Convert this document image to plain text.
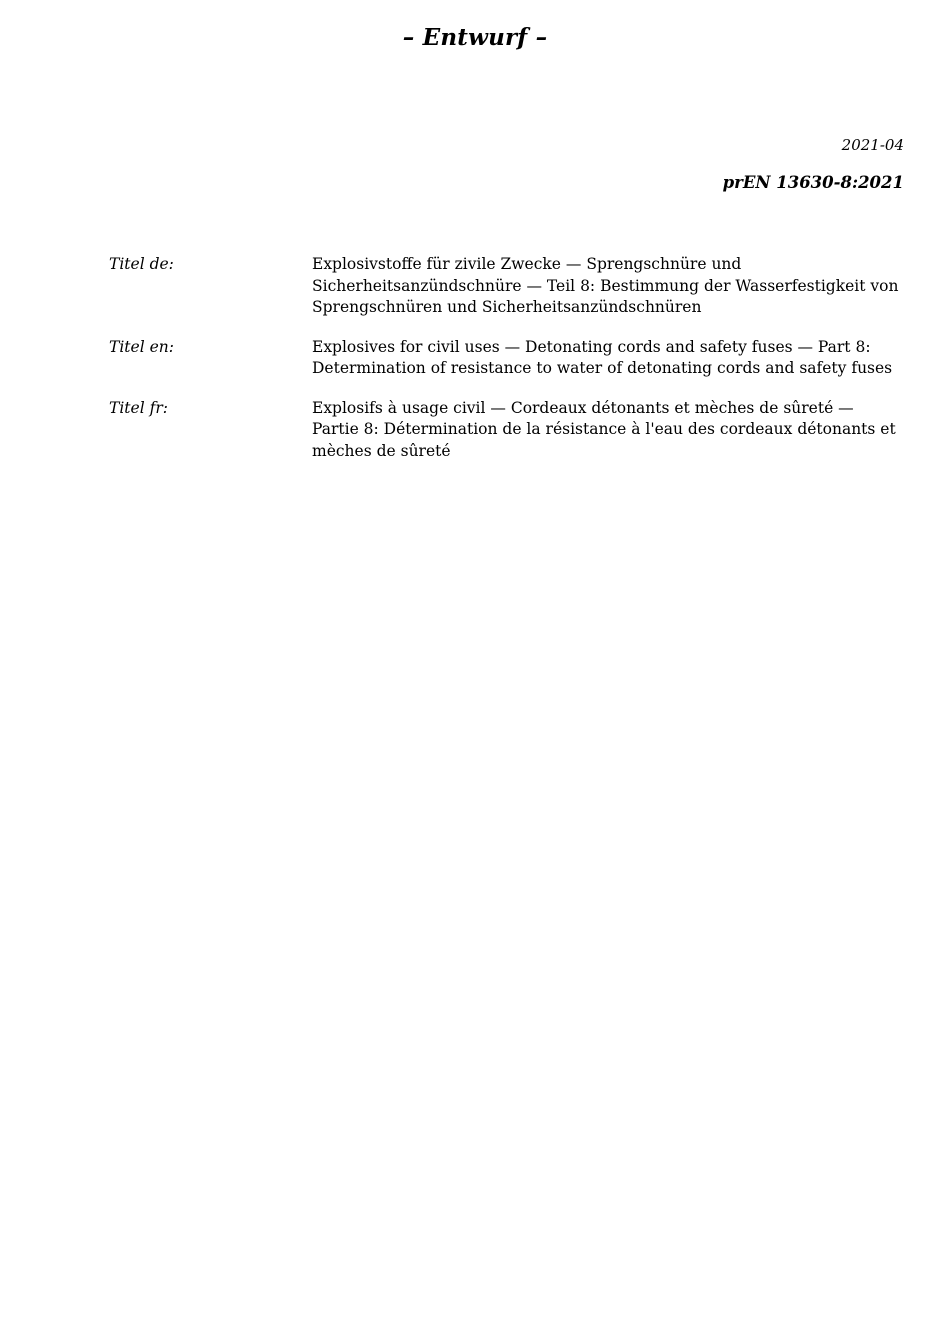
– Entwurf –
2021-04
prEN 13630-8:2021
Titel de:	Explosivstoffe für zivile Zwecke — Sprengschnüre und Sicherheitsanzündschnüre — Teil 8: Bestimmung der Wasserfestigkeit von Sprengschnüren und Sicherheitsanzündschnüren
Titel en:	Explosives for civil uses — Detonating cords and safety fuses — Part 8: Determination of resistance to water of detonating cords and safety fuses
Titel fr:	Explosifs à usage civil — Cordeaux détonants et mèches de sûreté — Partie 8: Détermination de la résistance à l'eau des cordeaux détonants et mèches de sûreté
